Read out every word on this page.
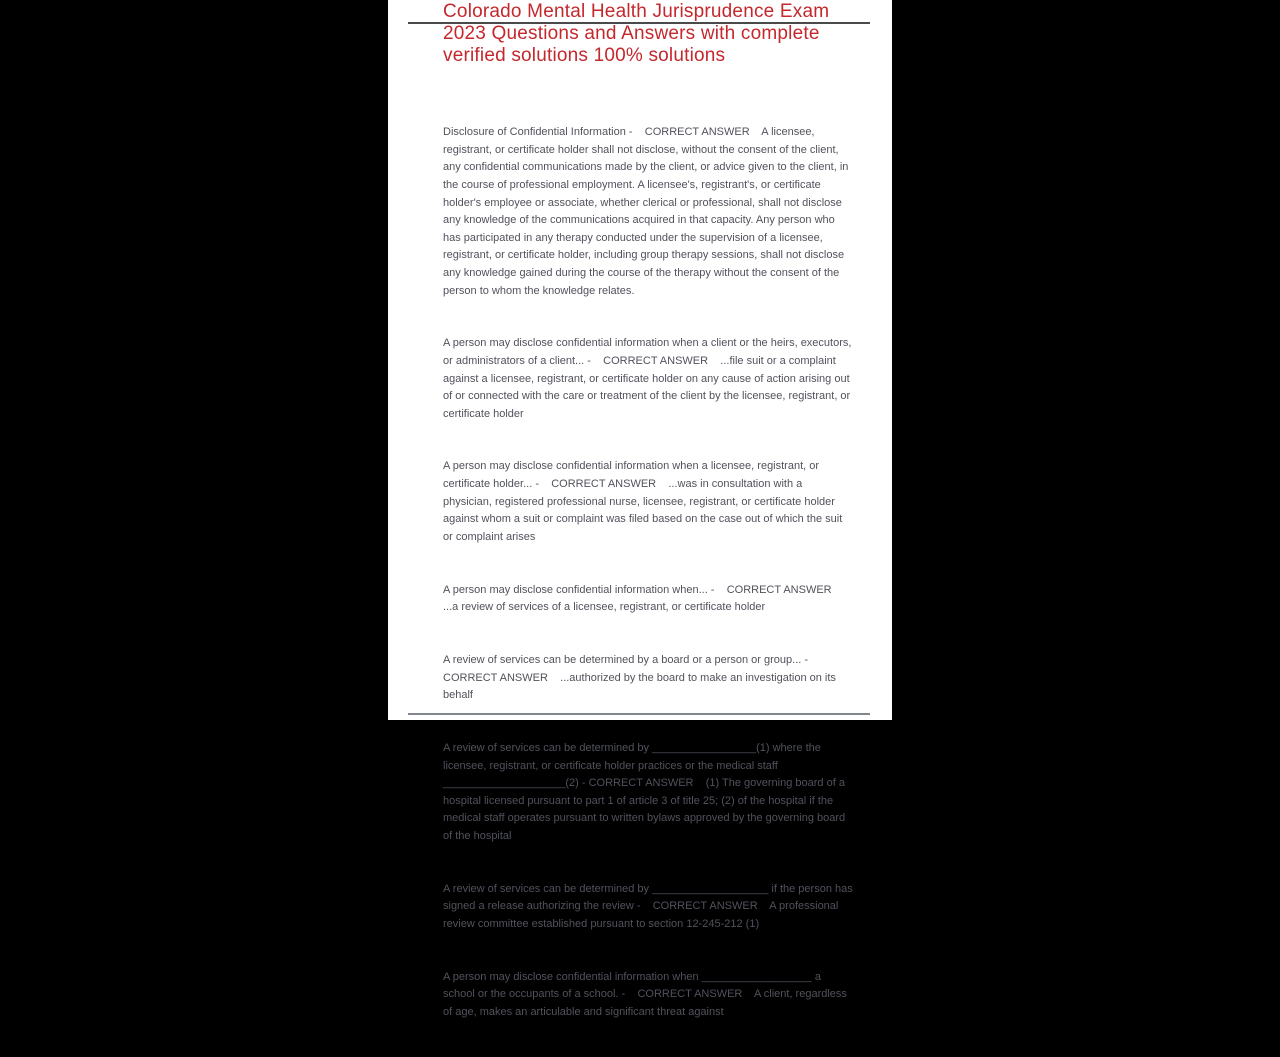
Colorado Mental Health Jurisprudence Exam
2023 Questions and Answers with complete
verified solutions 100% solutions

Disclosure of Confidential Information -    CORRECT ANSWER    A licensee, registrant, or certificate holder shall not disclose, without the consent of the client, any confidential communications made by the client, or advice given to the client, in the course of professional employment. A licensee's, registrant's, or certificate holder's employee or associate, whether clerical or professional, shall not disclose any knowledge of the communications acquired in that capacity. Any person who has participated in any therapy conducted under the supervision of a licensee, registrant, or certificate holder, including group therapy sessions, shall not disclose any knowledge gained during the course of the therapy without the consent of the person to whom the knowledge relates.

A person may disclose confidential information when a client or the heirs, executors, or administrators of a client... -    CORRECT ANSWER    ...file suit or a complaint against a licensee, registrant, or certificate holder on any cause of action arising out of or connected with the care or treatment of the client by the licensee, registrant, or certificate holder

A person may disclose confidential information when a licensee, registrant, or certificate holder... -    CORRECT ANSWER    ...was in consultation with a physician, registered professional nurse, licensee, registrant, or certificate holder against whom a suit or complaint was filed based on the case out of which the suit or complaint arises

A person may disclose confidential information when... -    CORRECT ANSWER    ...a review of services of a licensee, registrant, or certificate holder

A review of services can be determined by a board or a person or group... -    CORRECT ANSWER    ...authorized by the board to make an investigation on its behalf

A review of services can be determined by _________________(1) where the licensee, registrant, or certificate holder practices or the medical staff ____________________(2) - CORRECT ANSWER    (1) The governing board of a hospital licensed pursuant to part 1 of article 3 of title 25; (2) of the hospital if the medical staff operates pursuant to written bylaws approved by the governing board of the hospital

A review of services can be determined by ___________________ if the person has signed a release authorizing the review -    CORRECT ANSWER    A professional review committee established pursuant to section 12-245-212 (1)

A person may disclose confidential information when __________________ a school or the occupants of a school. -    CORRECT ANSWER    A client, regardless of age, makes an articulable and significant threat against
